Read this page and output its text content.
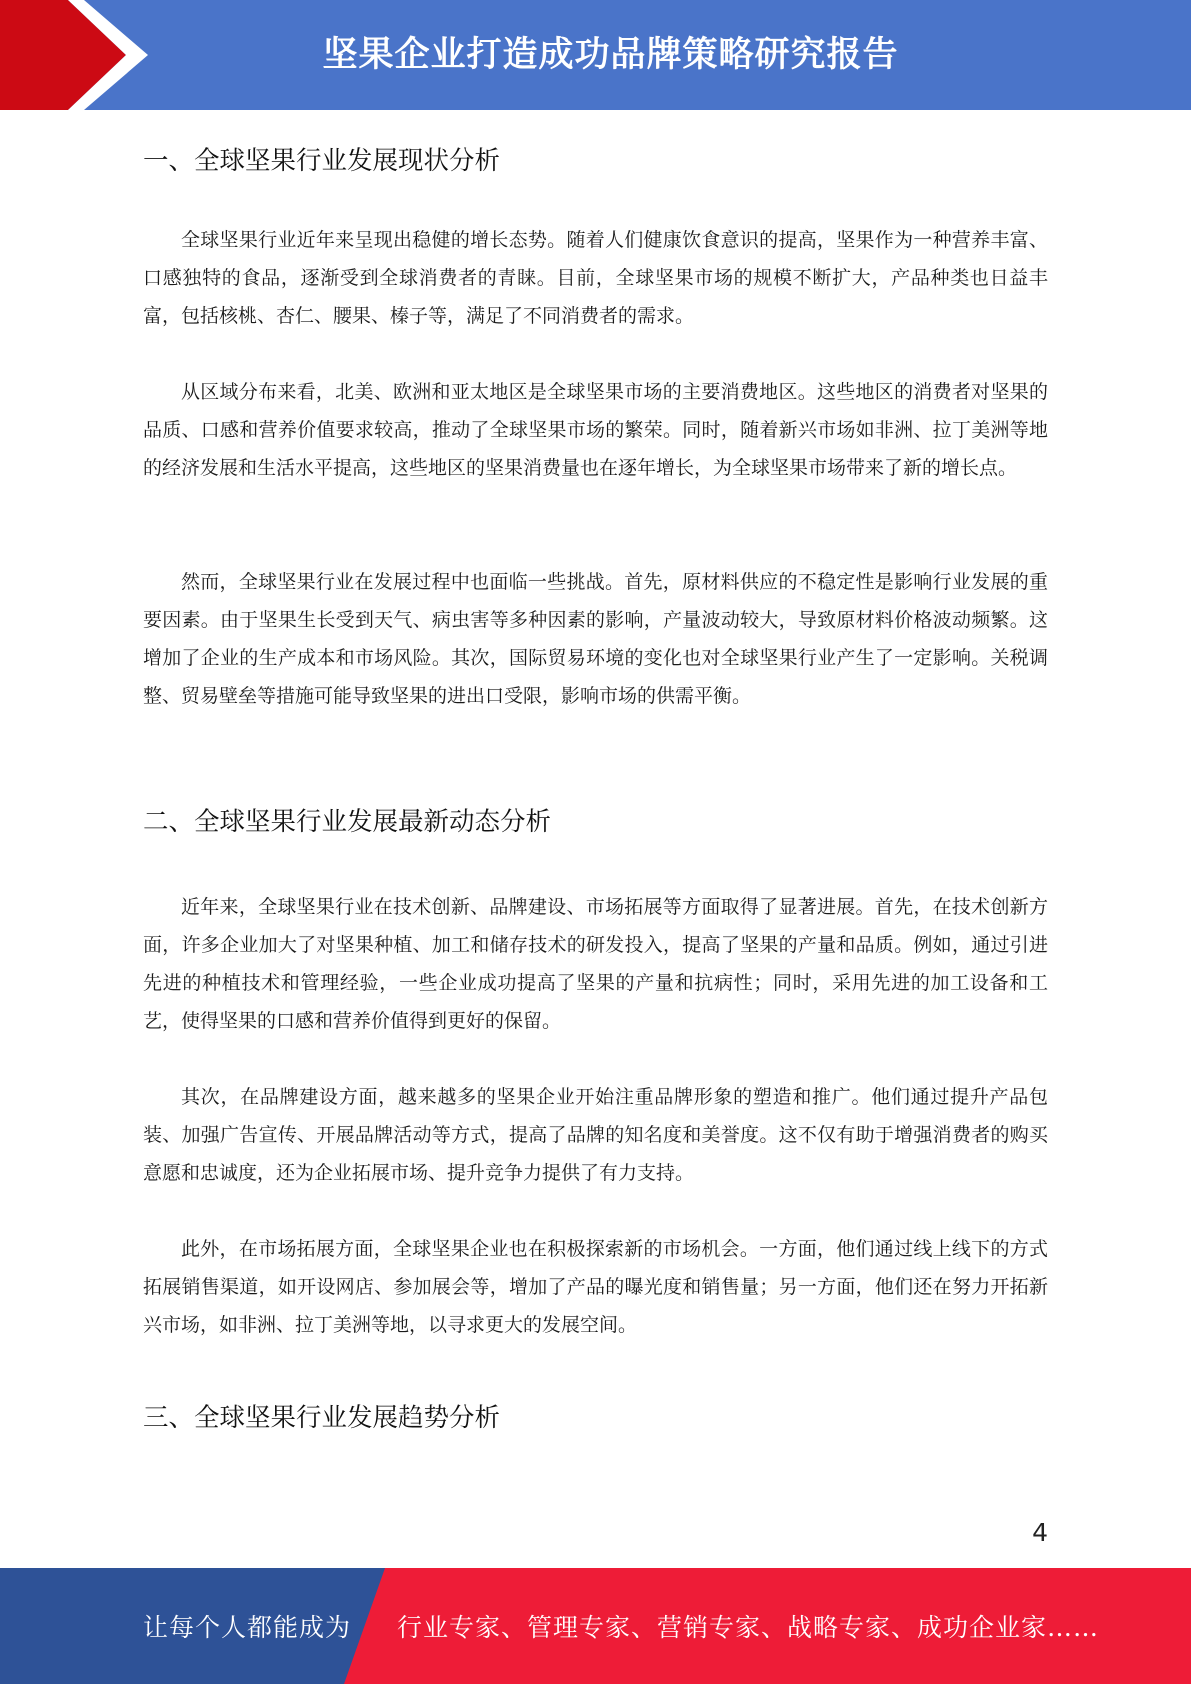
坚果企业打造成功品牌策略研究报告
一、全球坚果行业发展现状分析

全球坚果行业近年来呈现出稳健的增长态势。随着人们健康饮食意识的提高，坚果作为一种营养丰富、口感独特的食品，逐渐受到全球消费者的青睐。目前，全球坚果市场的规模不断扩大，产品种类也日益丰富，包括核桃、杏仁、腰果、榛子等，满足了不同消费者的需求。

从区域分布来看，北美、欧洲和亚太地区是全球坚果市场的主要消费地区。这些地区的消费者对坚果的品质、口感和营养价值要求较高，推动了全球坚果市场的繁荣。同时，随着新兴市场如非洲、拉丁美洲等地的经济发展和生活水平提高，这些地区的坚果消费量也在逐年增长，为全球坚果市场带来了新的增长点。

然而，全球坚果行业在发展过程中也面临一些挑战。首先，原材料供应的不稳定性是影响行业发展的重要因素。由于坚果生长受到天气、病虫害等多种因素的影响，产量波动较大，导致原材料价格波动频繁。这增加了企业的生产成本和市场风险。其次，国际贸易环境的变化也对全球坚果行业产生了一定影响。关税调整、贸易壁垒等措施可能导致坚果的进出口受限，影响市场的供需平衡。

二、全球坚果行业发展最新动态分析

近年来，全球坚果行业在技术创新、品牌建设、市场拓展等方面取得了显著进展。首先，在技术创新方面，许多企业加大了对坚果种植、加工和储存技术的研发投入，提高了坚果的产量和品质。例如，通过引进先进的种植技术和管理经验，一些企业成功提高了坚果的产量和抗病性；同时，采用先进的加工设备和工艺，使得坚果的口感和营养价值得到更好的保留。

其次，在品牌建设方面，越来越多的坚果企业开始注重品牌形象的塑造和推广。他们通过提升产品包装、加强广告宣传、开展品牌活动等方式，提高了品牌的知名度和美誉度。这不仅有助于增强消费者的购买意愿和忠诚度，还为企业拓展市场、提升竞争力提供了有力支持。

此外，在市场拓展方面，全球坚果企业也在积极探索新的市场机会。一方面，他们通过线上线下的方式拓展销售渠道，如开设网店、参加展会等，增加了产品的曝光度和销售量；另一方面，他们还在努力开拓新兴市场，如非洲、拉丁美洲等地，以寻求更大的发展空间。

三、全球坚果行业发展趋势分析
4
让每个人都能成为 行业专家、管理专家、营销专家、战略专家、成功企业家……
